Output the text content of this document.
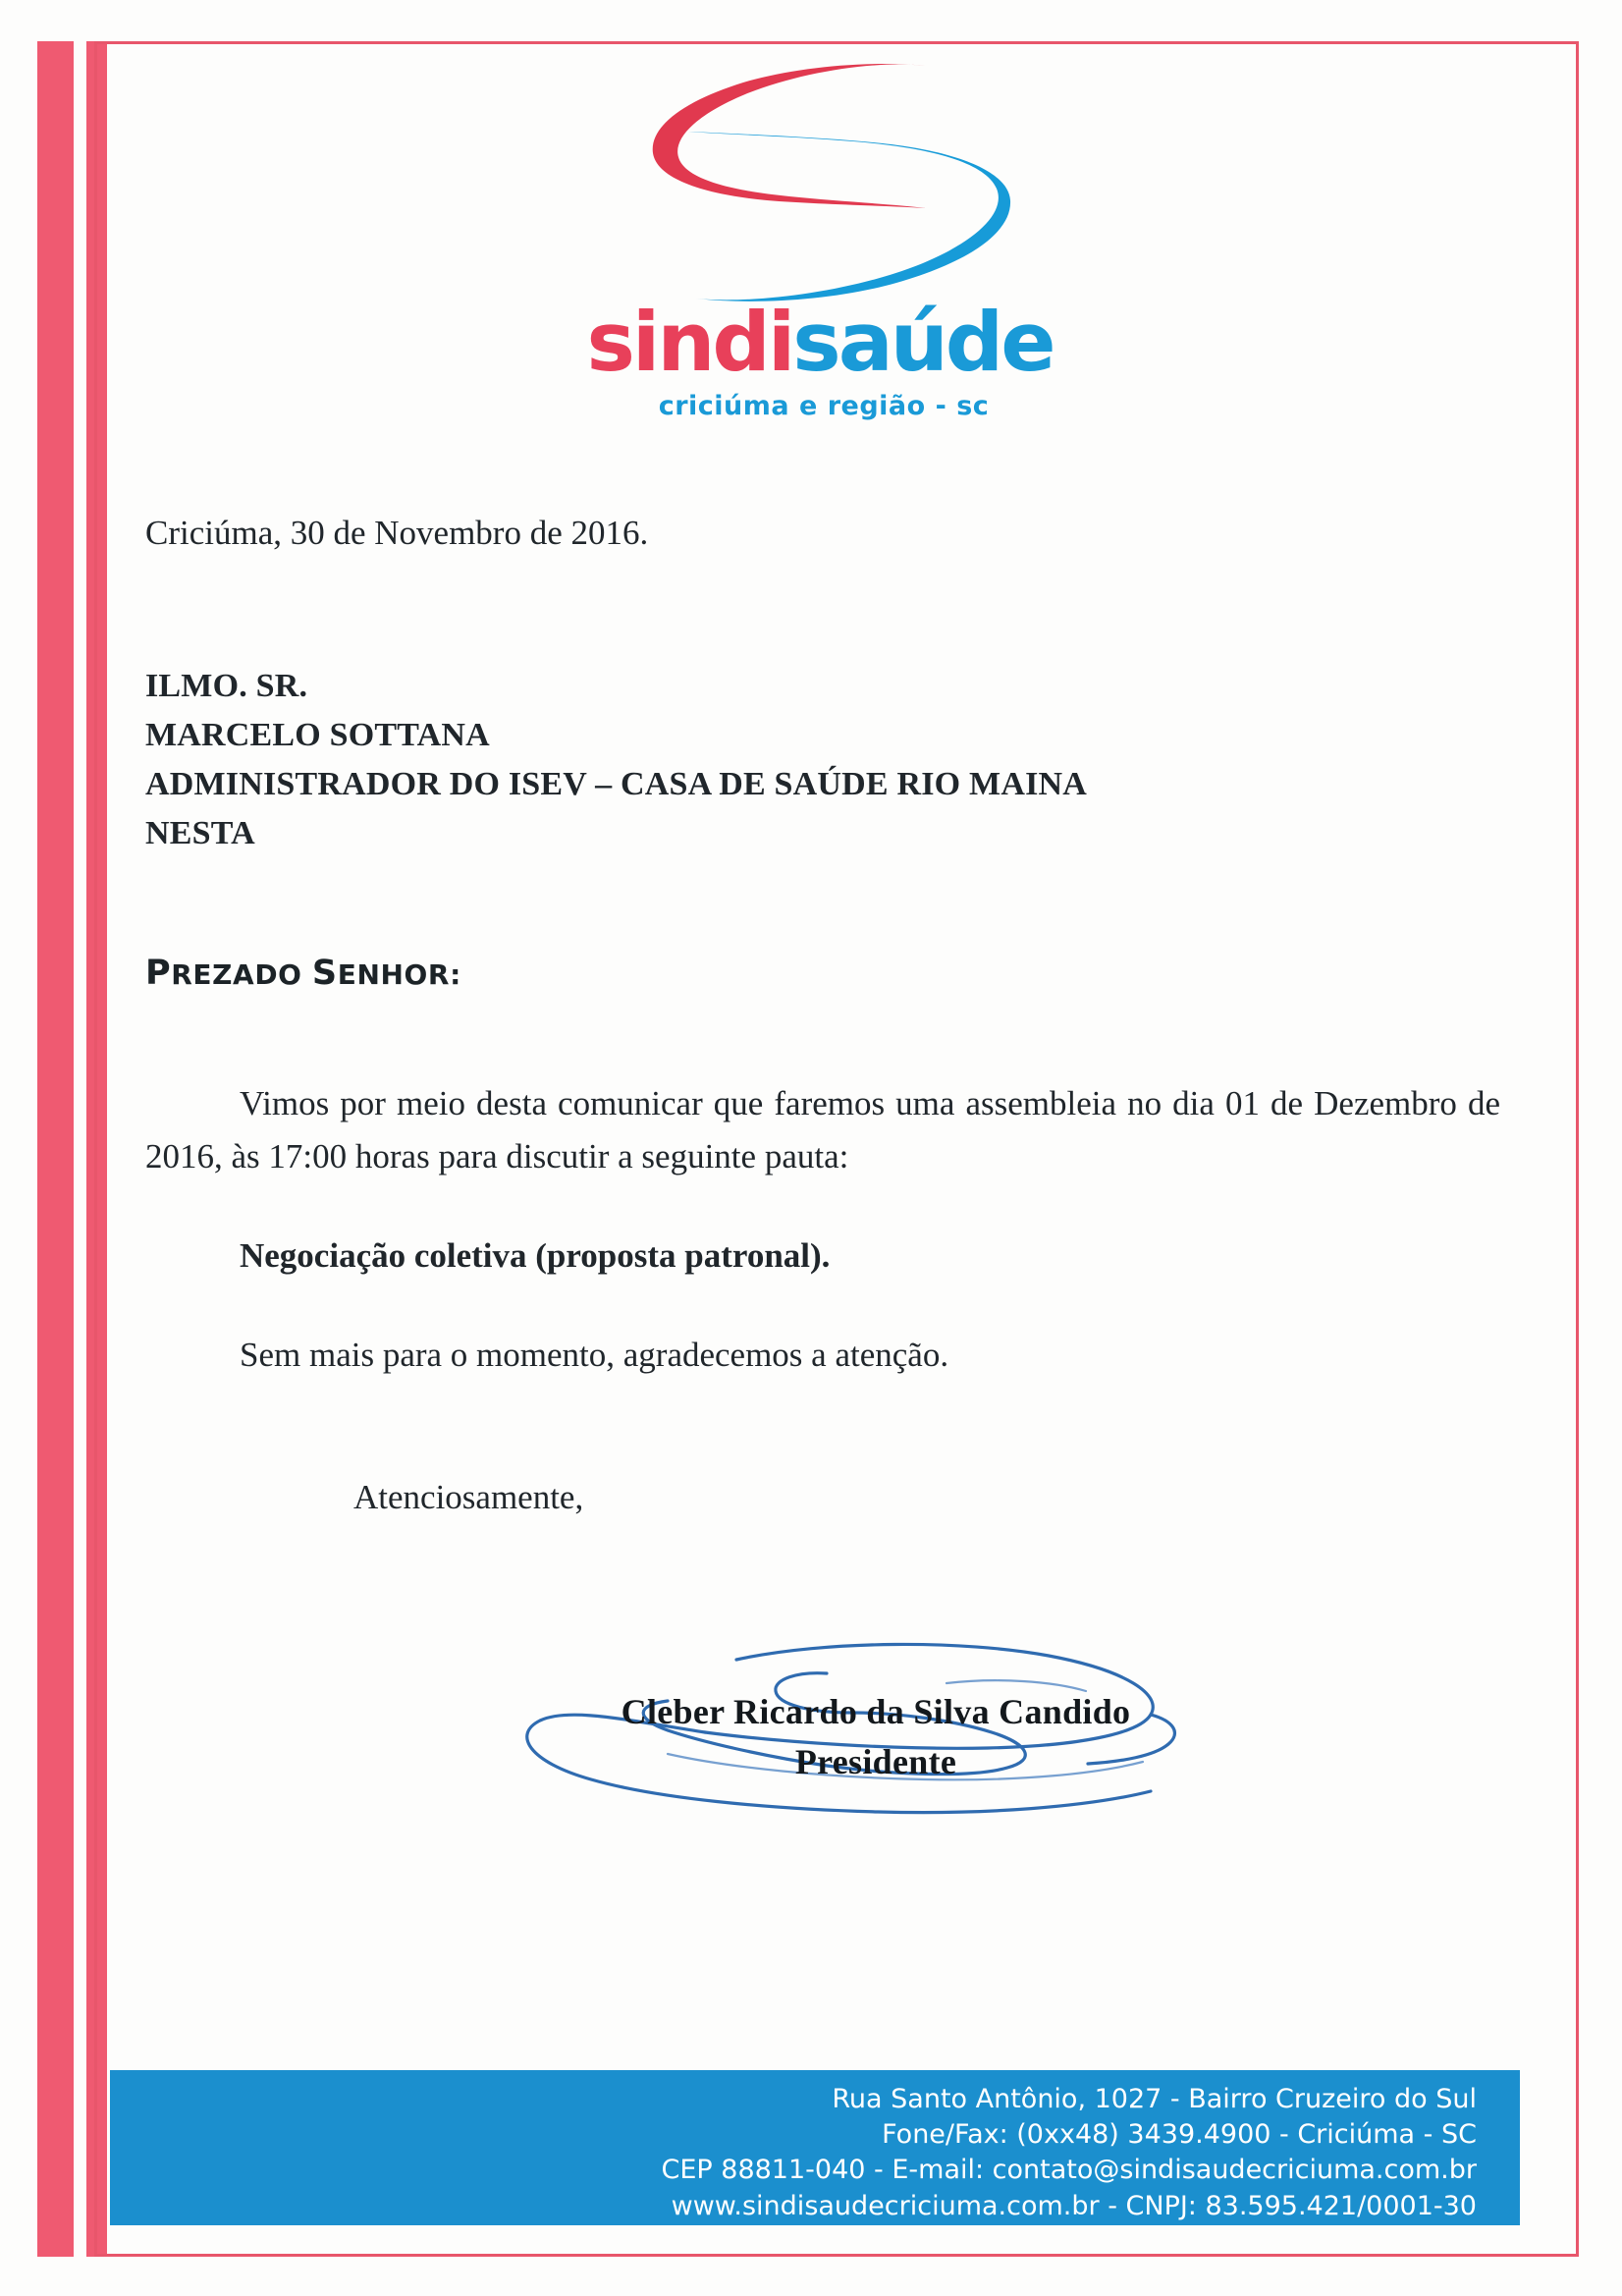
sindisaúde
criciúma e região - sc
Criciúma, 30 de Novembro de 2016.
ILMO. SR.
MARCELO SOTTANA
ADMINISTRADOR DO ISEV – CASA DE SAÚDE RIO MAINA
NESTA
PREZADO SENHOR:
Vimos por meio desta comunicar que faremos uma assembleia no dia 01 de Dezembro de 2016, às 17:00 horas para discutir a seguinte pauta:
Negociação coletiva (proposta patronal).
Sem mais para o momento, agradecemos a atenção.
Atenciosamente,
Cleber Ricardo da Silva Candido
Presidente
Rua Santo Antônio, 1027 - Bairro Cruzeiro do Sul
Fone/Fax: (0xx48) 3439.4900 - Criciúma - SC
CEP 88811-040 - E-mail: contato@sindisaudecriciuma.com.br
www.sindisaudecriciuma.com.br - CNPJ: 83.595.421/0001-30
